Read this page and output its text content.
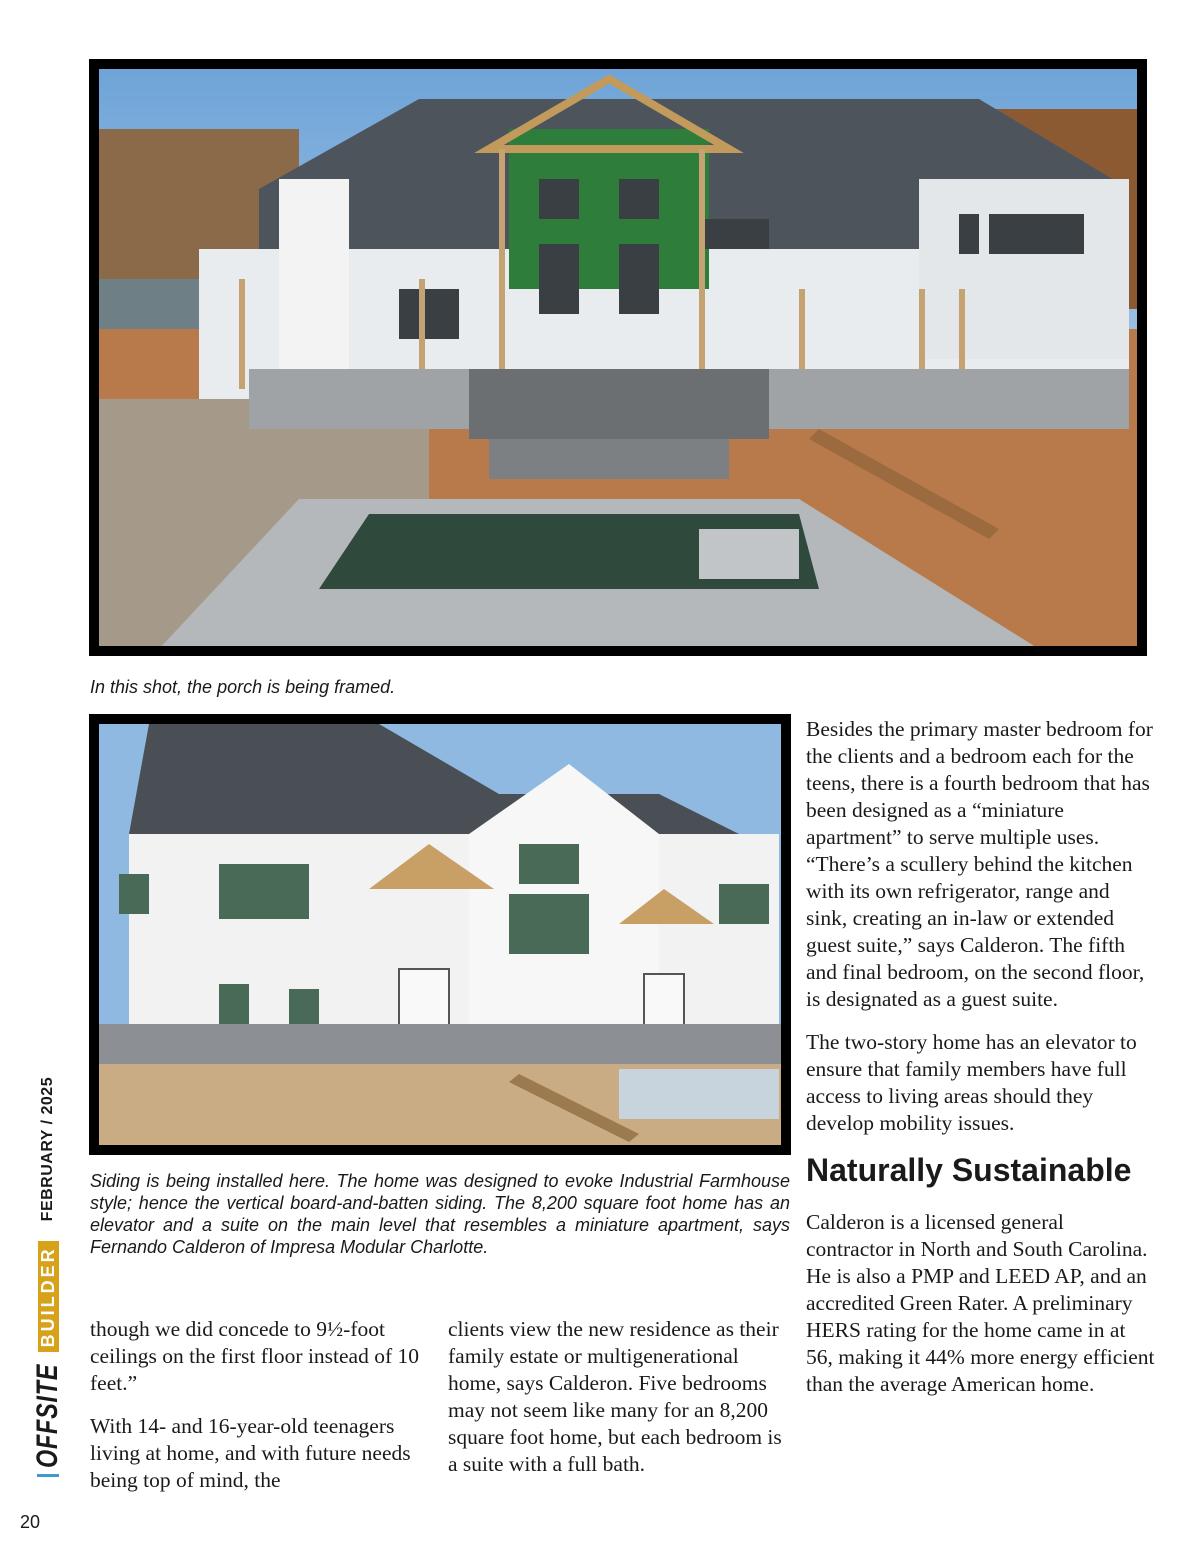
In this shot, the porch is being framed.
Siding is being installed here. The home was designed to evoke Industrial Farmhouse style; hence the vertical board-and-batten siding. The 8,200 square foot home has an elevator and a suite on the main level that resembles a miniature apartment, says Fernando Calderon of Impresa Modular Charlotte.

though we did concede to 9½-foot ceilings on the first floor instead of 10 feet.”

With 14- and 16-year-old teenagers living at home, and with future needs being top of mind, the

clients view the new residence as their family estate or multigenerational home, says Calderon. Five bedrooms may not seem like many for an 8,200 square foot home, but each bedroom is a suite with a full bath.

Besides the primary master bedroom for the clients and a bedroom each for the teens, there is a fourth bedroom that has been designed as a “miniature apartment” to serve multiple uses. “There’s a scullery behind the kitchen with its own refrigerator, range and sink, creating an in-law or extended guest suite,” says Calderon. The fifth and final bedroom, on the second floor, is designated as a guest suite.

The two-story home has an elevator to ensure that family members have full access to living areas should they develop mobility issues.

Naturally Sustainable

Calderon is a licensed general contractor in North and South Carolina. He is also a PMP and LEED AP, and an accredited Green Rater. A preliminary HERS rating for the home came in at 56, making it 44% more energy efficient than the average American home.

OFFSITE
BUILDER
FEBRUARY / 2025
20
